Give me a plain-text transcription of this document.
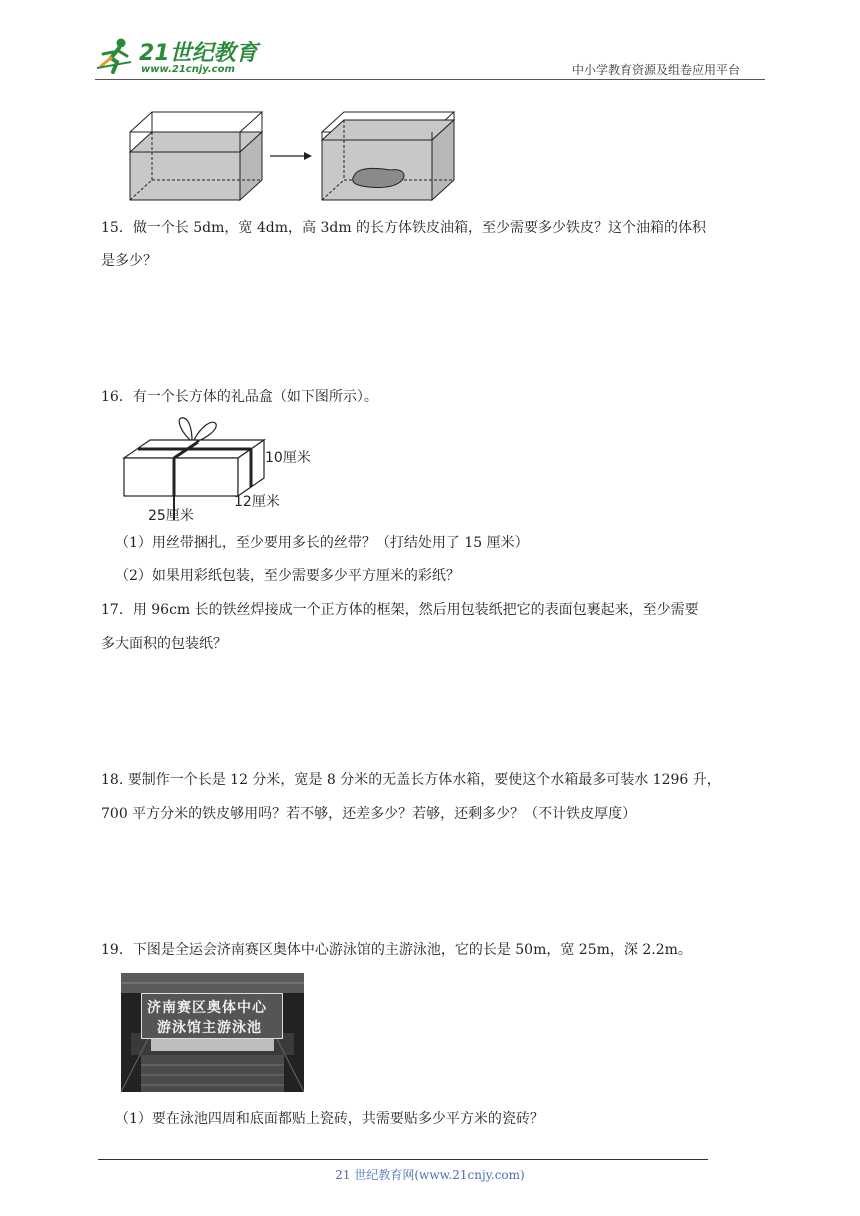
21世纪教育
www.21cnjy.com	中小学教育资源及组卷应用平台
15．做一个长 5dm，宽 4dm，高 3dm 的长方体铁皮油箱，至少需要多少铁皮？这个油箱的体积
是多少？
16．有一个长方体的礼品盒（如下图所示）。
10厘米
12厘米
25厘米
（1）用丝带捆扎，至少要用多长的丝带？（打结处用了 15 厘米）
（2）如果用彩纸包装，至少需要多少平方厘米的彩纸？
17．用 96cm 长的铁丝焊接成一个正方体的框架，然后用包装纸把它的表面包裹起来，至少需要
多大面积的包装纸？
18. 要制作一个长是 12 分米，宽是 8 分米的无盖长方体水箱，要使这个水箱最多可装水 1296 升，
700 平方分米的铁皮够用吗？若不够，还差多少？若够，还剩多少？（不计铁皮厚度）
19．下图是全运会济南赛区奥体中心游泳馆的主游泳池，它的长是 50m，宽 25m，深 2.2m。
济南赛区奥体中心
游泳馆主游泳池
（1）要在泳池四周和底面都贴上瓷砖，共需要贴多少平方米的瓷砖？
21 世纪教育网(www.21cnjy.com)
